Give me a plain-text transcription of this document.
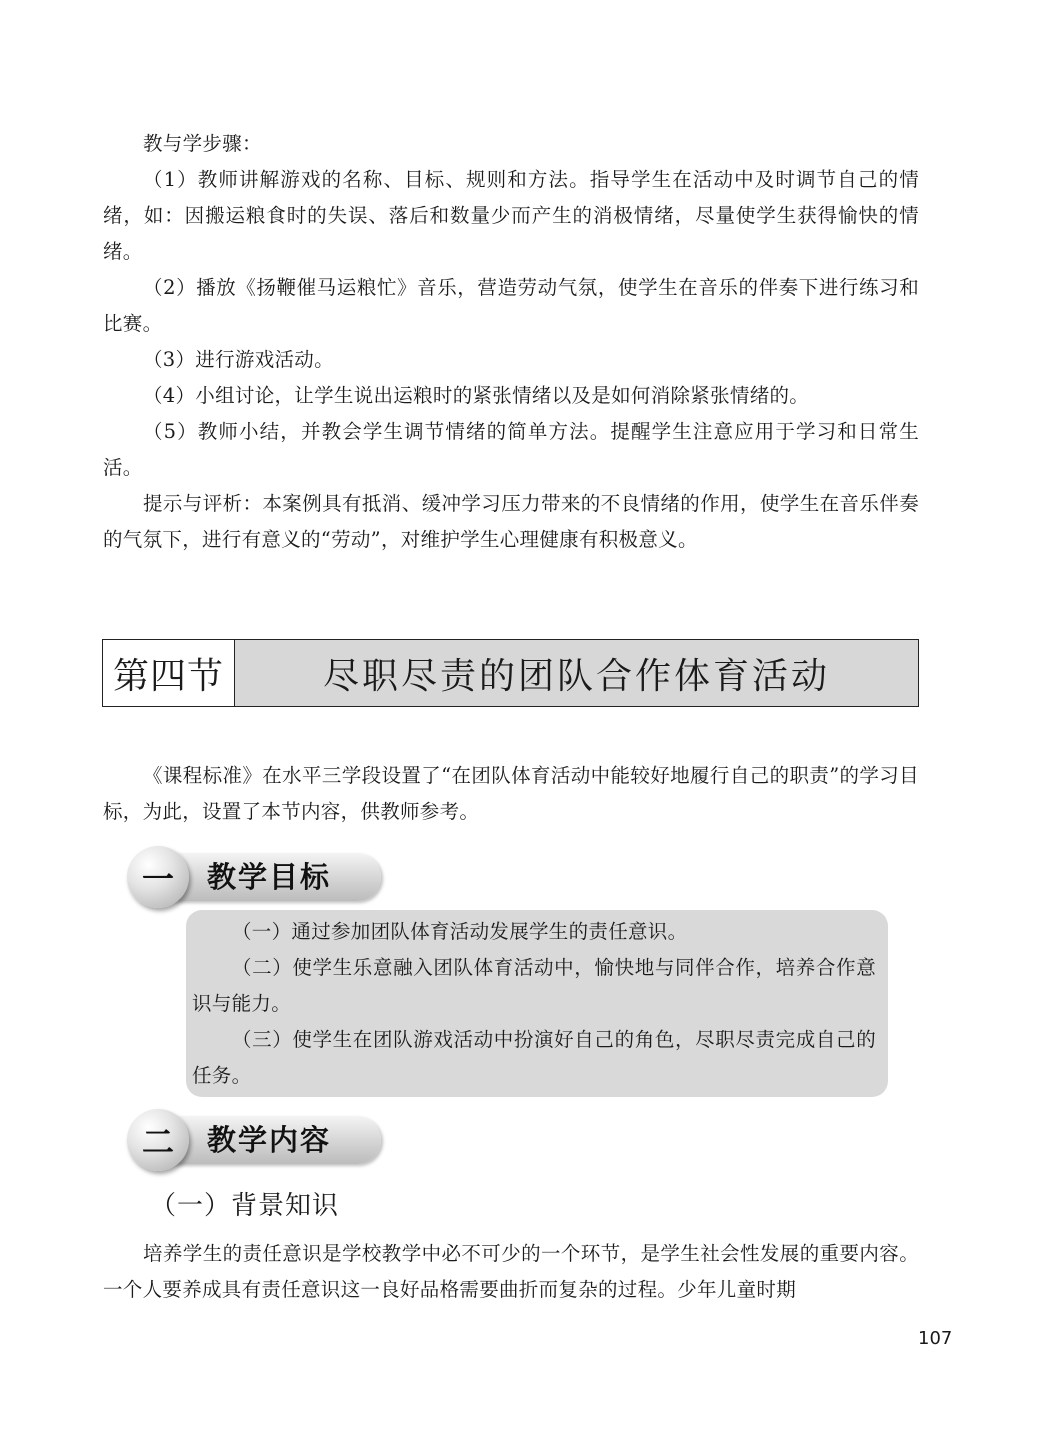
教与学步骤：

（1）教师讲解游戏的名称、目标、规则和方法。指导学生在活动中及时调节自己的情绪，如：因搬运粮食时的失误、落后和数量少而产生的消极情绪，尽量使学生获得愉快的情绪。

（2）播放《扬鞭催马运粮忙》音乐，营造劳动气氛，使学生在音乐的伴奏下进行练习和比赛。

（3）进行游戏活动。

（4）小组讨论，让学生说出运粮时的紧张情绪以及是如何消除紧张情绪的。

（5）教师小结，并教会学生调节情绪的简单方法。提醒学生注意应用于学习和日常生活。

提示与评析：本案例具有抵消、缓冲学习压力带来的不良情绪的作用，使学生在音乐伴奏的气氛下，进行有意义的“劳动”，对维护学生心理健康有积极意义。

第四节	尽职尽责的团队合作体育活动

《课程标准》在水平三学段设置了“在团队体育活动中能较好地履行自己的职责”的学习目标，为此，设置了本节内容，供教师参考。

一	教学目标

（一）通过参加团队体育活动发展学生的责任意识。

（二）使学生乐意融入团队体育活动中，愉快地与同伴合作，培养合作意识与能力。

（三）使学生在团队游戏活动中扮演好自己的角色，尽职尽责完成自己的任务。

二	教学内容
（一）背景知识

培养学生的责任意识是学校教学中必不可少的一个环节，是学生社会性发展的重要内容。一个人要养成具有责任意识这一良好品格需要曲折而复杂的过程。少年儿童时期

107
